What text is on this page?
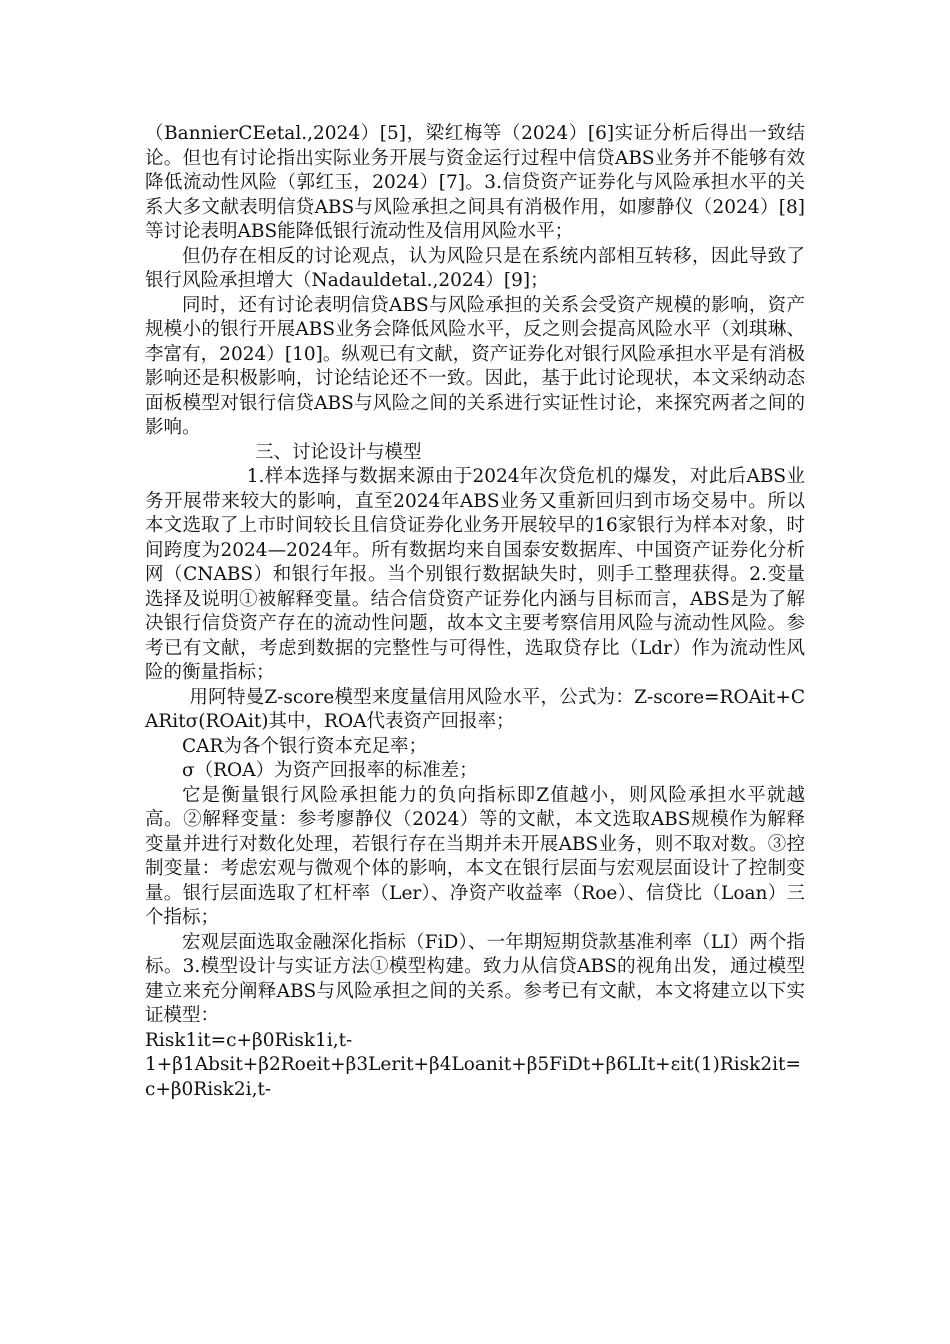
（BannierCEetal.,2024）[5]，梁红梅等（2024）[6]实证分析后得出一致结论。但也有讨论指出实际业务开展与资金运行过程中信贷ABS业务并不能够有效降低流动性风险（郭红玉，2024）[7]。3.信贷资产证券化与风险承担水平的关系大多文献表明信贷ABS与风险承担之间具有消极作用，如廖静仪（2024）[8]等讨论表明ABS能降低银行流动性及信用风险水平；

但仍存在相反的讨论观点，认为风险只是在系统内部相互转移，因此导致了银行风险承担增大（Nadauldetal.,2024）[9]；

同时，还有讨论表明信贷ABS与风险承担的关系会受资产规模的影响，资产规模小的银行开展ABS业务会降低风险水平，反之则会提高风险水平（刘琪琳、李富有，2024）[10]。纵观已有文献，资产证券化对银行风险承担水平是有消极影响还是积极影响，讨论结论还不一致。因此，基于此讨论现状，本文采纳动态面板模型对银行信贷ABS与风险之间的关系进行实证性讨论，来探究两者之间的影响。

三、讨论设计与模型

1.样本选择与数据来源由于2024年次贷危机的爆发，对此后ABS业务开展带来较大的影响，直至2024年ABS业务又重新回归到市场交易中。所以本文选取了上市时间较长且信贷证券化业务开展较早的16家银行为样本对象，时间跨度为2024—2024年。所有数据均来自国泰安数据库、中国资产证券化分析网（CNABS）和银行年报。当个别银行数据缺失时，则手工整理获得。2.变量选择及说明①被解释变量。结合信贷资产证券化内涵与目标而言，ABS是为了解决银行信贷资产存在的流动性问题，故本文主要考察信用风险与流动性风险。参考已有文献，考虑到数据的完整性与可得性，选取贷存比（Ldr）作为流动性风险的衡量指标；

用阿特曼Z-score模型来度量信用风险水平，公式为：Z-score=ROAit+CARitσ(ROAit)其中，ROA代表资产回报率；

CAR为各个银行资本充足率；

σ（ROA）为资产回报率的标准差；

它是衡量银行风险承担能力的负向指标即Z值越小，则风险承担水平就越高。②解释变量：参考廖静仪（2024）等的文献，本文选取ABS规模作为解释变量并进行对数化处理，若银行存在当期并未开展ABS业务，则不取对数。③控制变量：考虑宏观与微观个体的影响，本文在银行层面与宏观层面设计了控制变量。银行层面选取了杠杆率（Ler）、净资产收益率（Roe）、信贷比（Loan）三个指标；

宏观层面选取金融深化指标（FiD）、一年期短期贷款基准利率（LI）两个指标。3.模型设计与实证方法①模型构建。致力从信贷ABS的视角出发，通过模型建立来充分阐释ABS与风险承担之间的关系。参考已有文献，本文将建立以下实证模型：

Risk1it=c+β0Risk1i,t-

1+β1Absit+β2Roeit+β3Lerit+β4Loanit+β5FiDt+β6LIt+εit(1)Risk2it=c+β0Risk2i,t-
